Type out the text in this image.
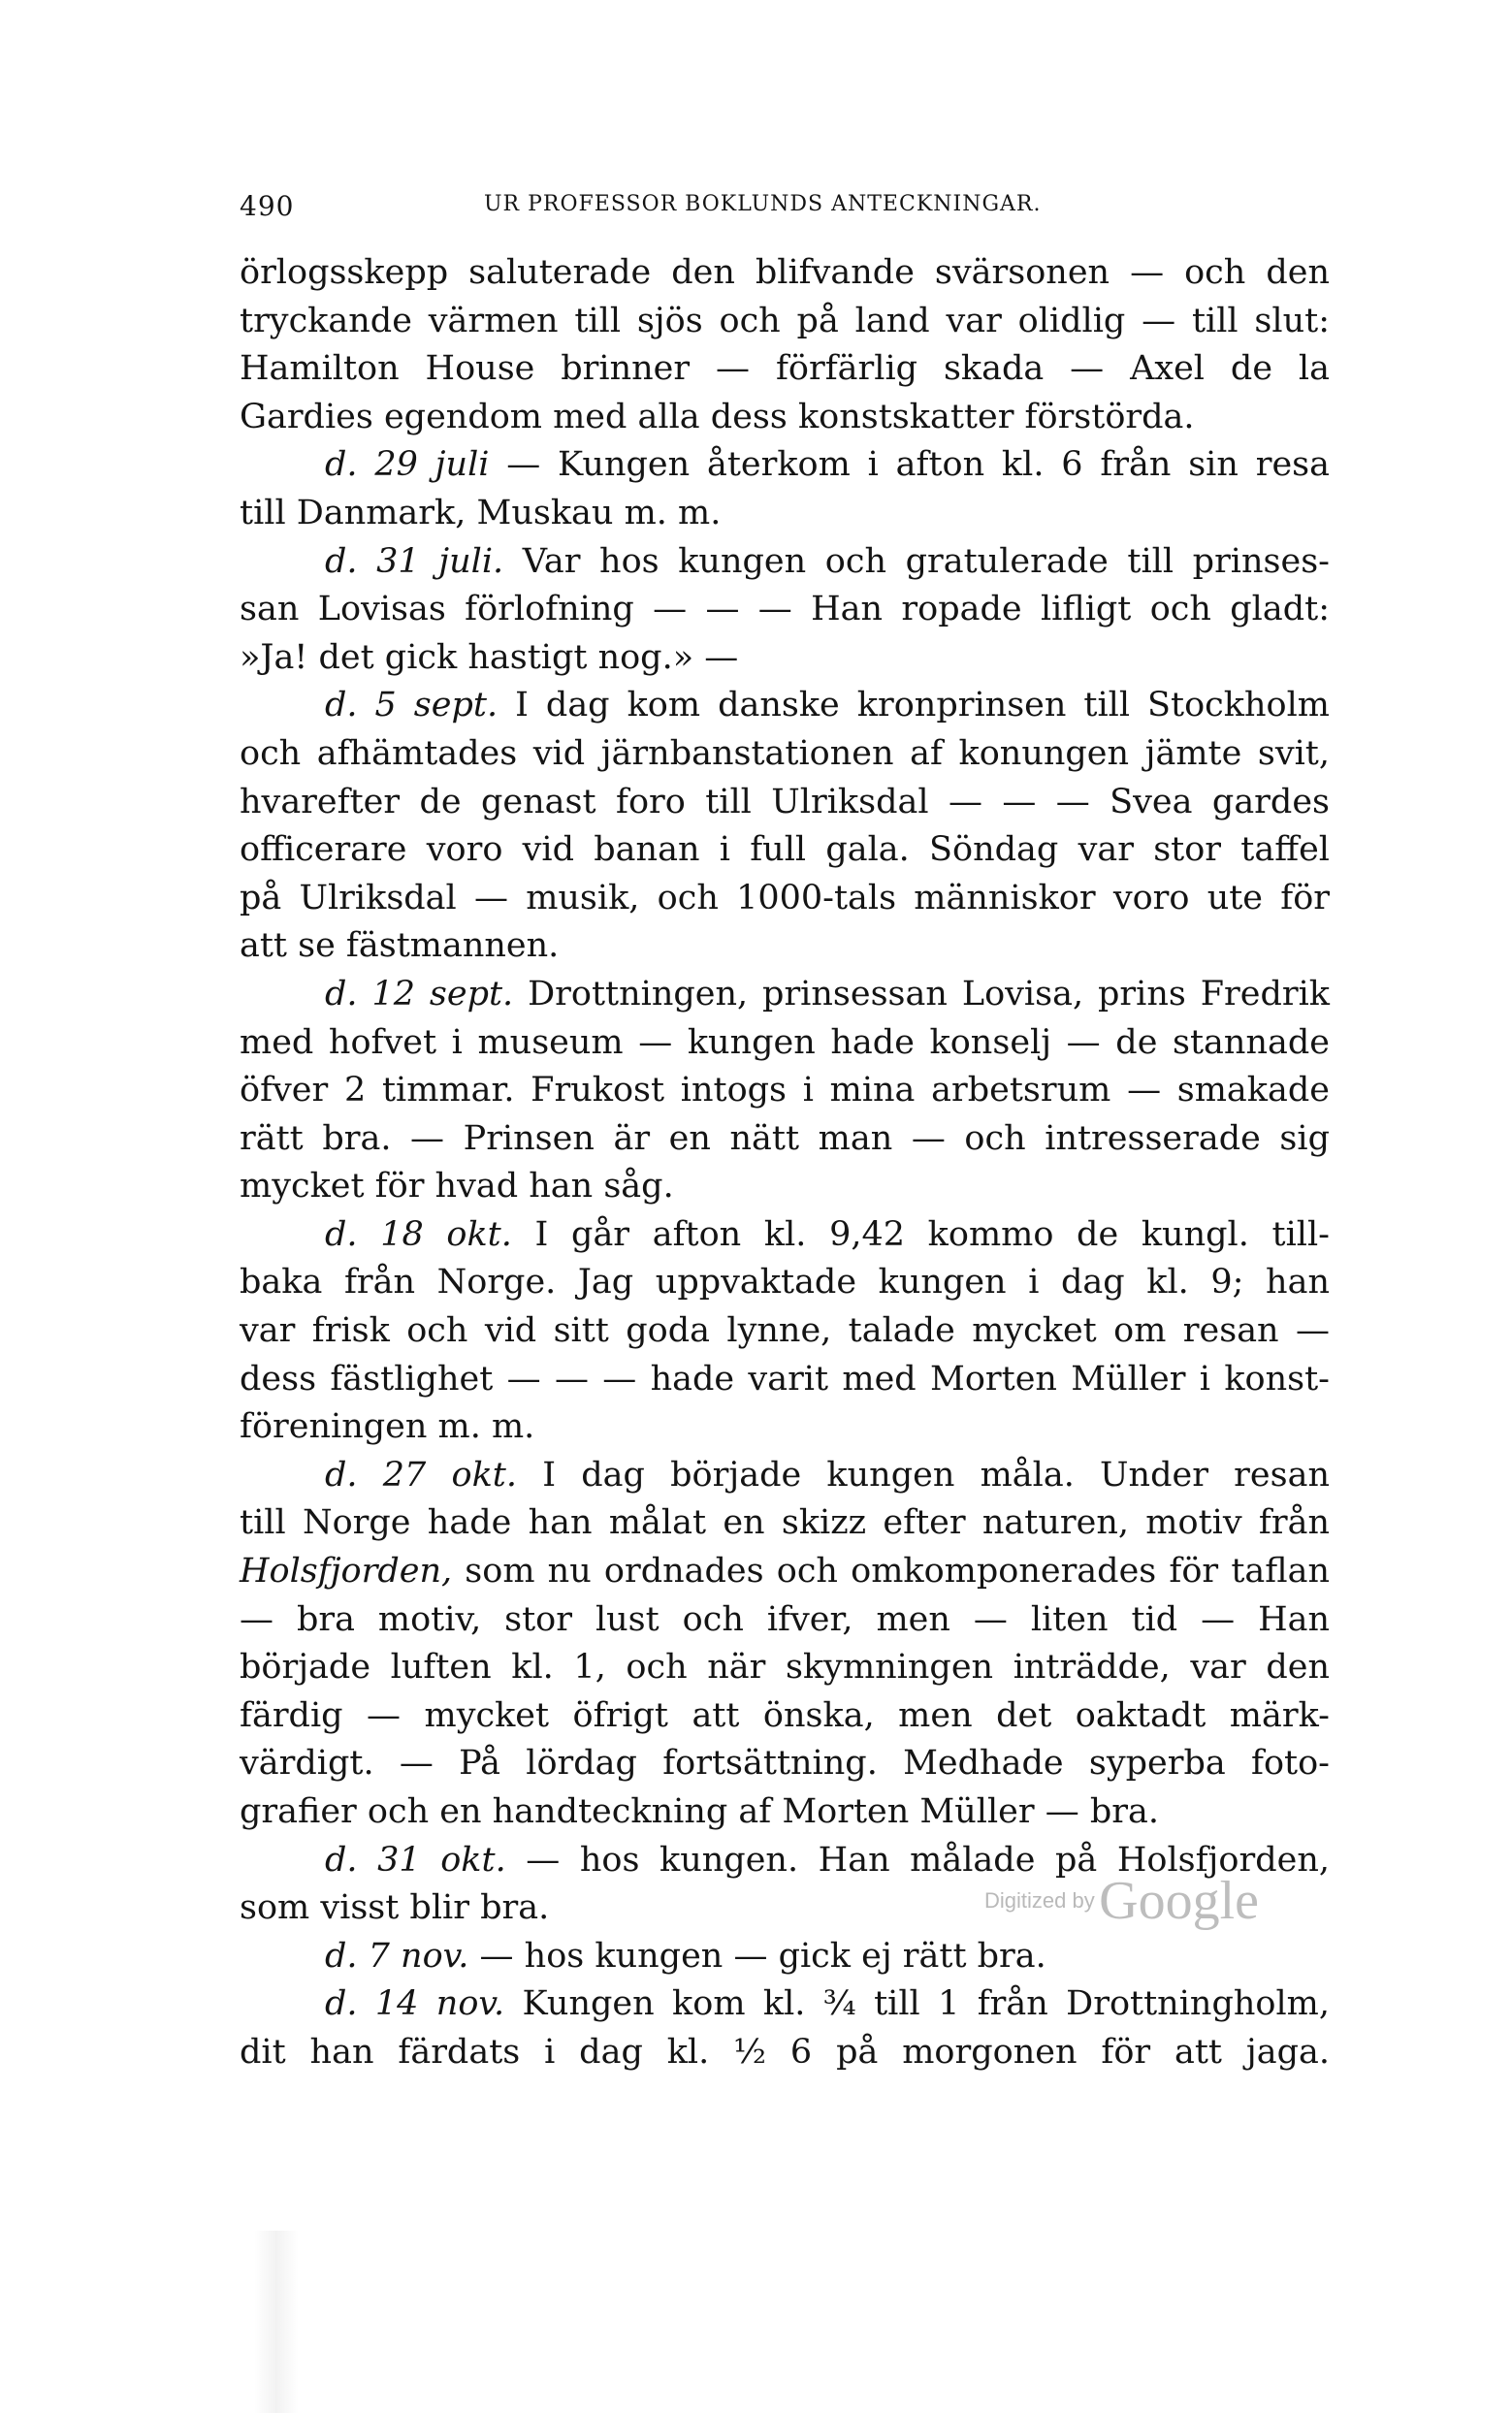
490	UR PROFESSOR BOKLUNDS ANTECKNINGAR.
örlogsskepp saluterade den blifvande svärsonen — och den
tryckande värmen till sjös och på land var olidlig — till slut:
Hamilton House brinner — förfärlig skada — Axel de la
Gardies egendom med alla dess konstskatter förstörda.
d. 29 juli — Kungen återkom i afton kl. 6 från sin resa
till Danmark, Muskau m. m.
d. 31 juli. Var hos kungen och gratulerade till prinses-
san Lovisas förlofning — — — Han ropade lifligt och gladt:
»Ja! det gick hastigt nog.» —
d. 5 sept. I dag kom danske kronprinsen till Stockholm
och afhämtades vid järnbanstationen af konungen jämte svit,
hvarefter de genast foro till Ulriksdal — — — Svea gardes
officerare voro vid banan i full gala. Söndag var stor taffel
på Ulriksdal — musik, och 1000-tals människor voro ute för
att se fästmannen.
d. 12 sept. Drottningen, prinsessan Lovisa, prins Fredrik
med hofvet i museum — kungen hade konselj — de stannade
öfver 2 timmar. Frukost intogs i mina arbetsrum — smakade
rätt bra. — Prinsen är en nätt man — och intresserade sig
mycket för hvad han såg.
d. 18 okt. I går afton kl. 9,42 kommo de kungl. till-
baka från Norge. Jag uppvaktade kungen i dag kl. 9; han
var frisk och vid sitt goda lynne, talade mycket om resan —
dess fästlighet — — — hade varit med Morten Müller i konst-
föreningen m. m.
d. 27 okt. I dag började kungen måla. Under resan
till Norge hade han målat en skizz efter naturen, motiv från
Holsfjorden, som nu ordnades och omkomponerades för taflan
— bra motiv, stor lust och ifver, men — liten tid — Han
började luften kl. 1, och när skymningen inträdde, var den
färdig — mycket öfrigt att önska, men det oaktadt märk-
värdigt. — På lördag fortsättning. Medhade syperba foto-
grafier och en handteckning af Morten Müller — bra.
d. 31 okt. — hos kungen. Han målade på Holsfjorden,
som visst blir bra.
d. 7 nov. — hos kungen — gick ej rätt bra.
d. 14 nov. Kungen kom kl. ¾ till 1 från Drottningholm,
dit han färdats i dag kl. ½ 6 på morgonen för att jaga.
Digitized by Google
